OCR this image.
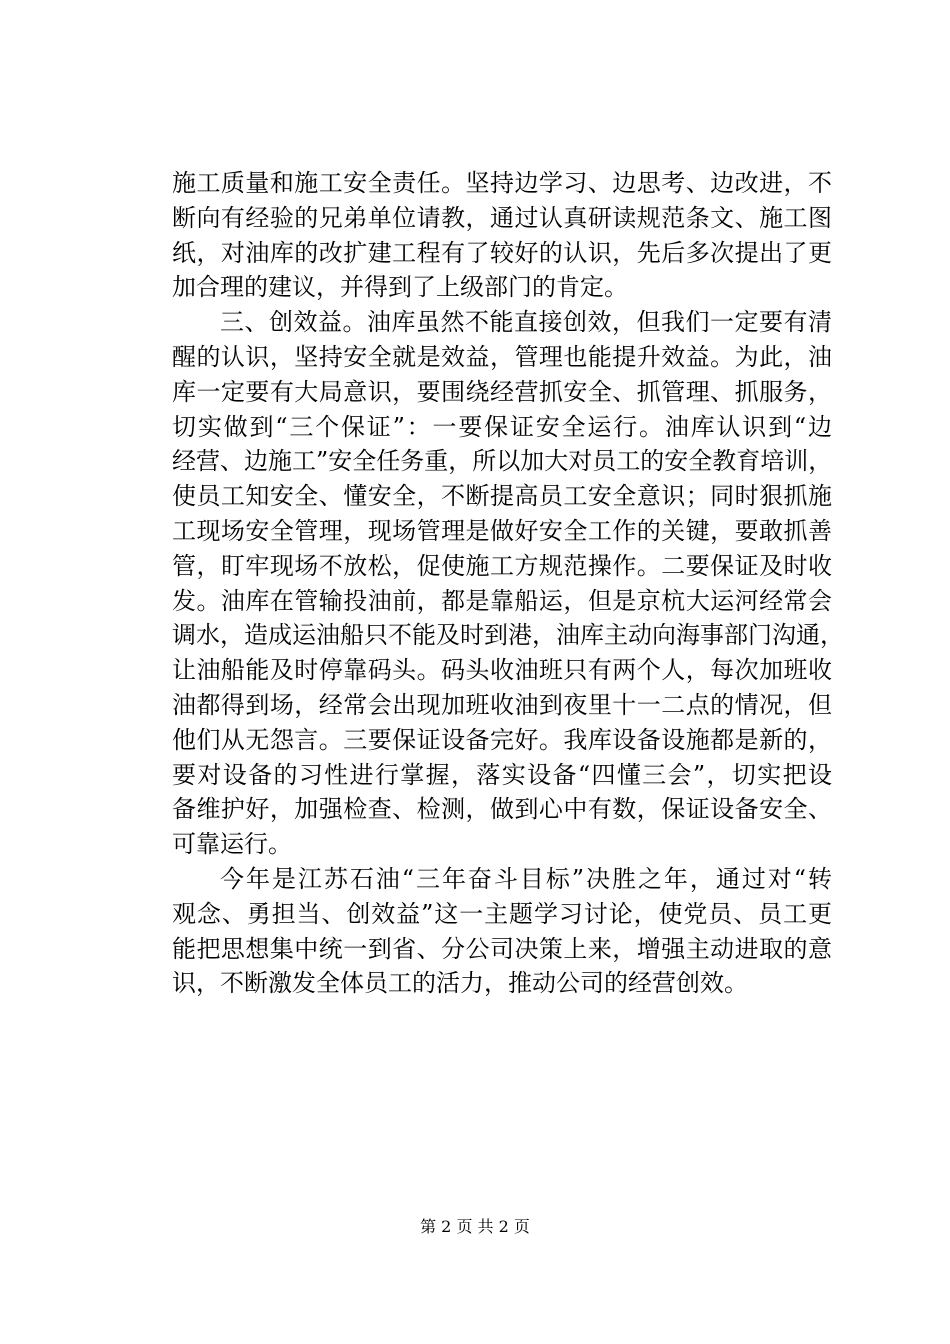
施工质量和施工安全责任。坚持边学习、边思考、边改进，不
断向有经验的兄弟单位请教，通过认真研读规范条文、施工图
纸，对油库的改扩建工程有了较好的认识，先后多次提出了更
加合理的建议，并得到了上级部门的肯定。
三、创效益。油库虽然不能直接创效，但我们一定要有清
醒的认识，坚持安全就是效益，管理也能提升效益。为此，油
库一定要有大局意识，要围绕经营抓安全、抓管理、抓服务，
切实做到“三个保证”：一要保证安全运行。油库认识到“边
经营、边施工”安全任务重，所以加大对员工的安全教育培训，
使员工知安全、懂安全，不断提高员工安全意识；同时狠抓施
工现场安全管理，现场管理是做好安全工作的关键，要敢抓善
管，盯牢现场不放松，促使施工方规范操作。二要保证及时收
发。油库在管输投油前，都是靠船运，但是京杭大运河经常会
调水，造成运油船只不能及时到港，油库主动向海事部门沟通，
让油船能及时停靠码头。码头收油班只有两个人，每次加班收
油都得到场，经常会出现加班收油到夜里十一二点的情况，但
他们从无怨言。三要保证设备完好。我库设备设施都是新的，
要对设备的习性进行掌握，落实设备“四懂三会”，切实把设
备维护好，加强检查、检测，做到心中有数，保证设备安全、
可靠运行。
今年是江苏石油“三年奋斗目标”决胜之年，通过对“转
观念、勇担当、创效益”这一主题学习讨论，使党员、员工更
能把思想集中统一到省、分公司决策上来，增强主动进取的意
识，不断激发全体员工的活力，推动公司的经营创效。
第 2 页 共 2 页
